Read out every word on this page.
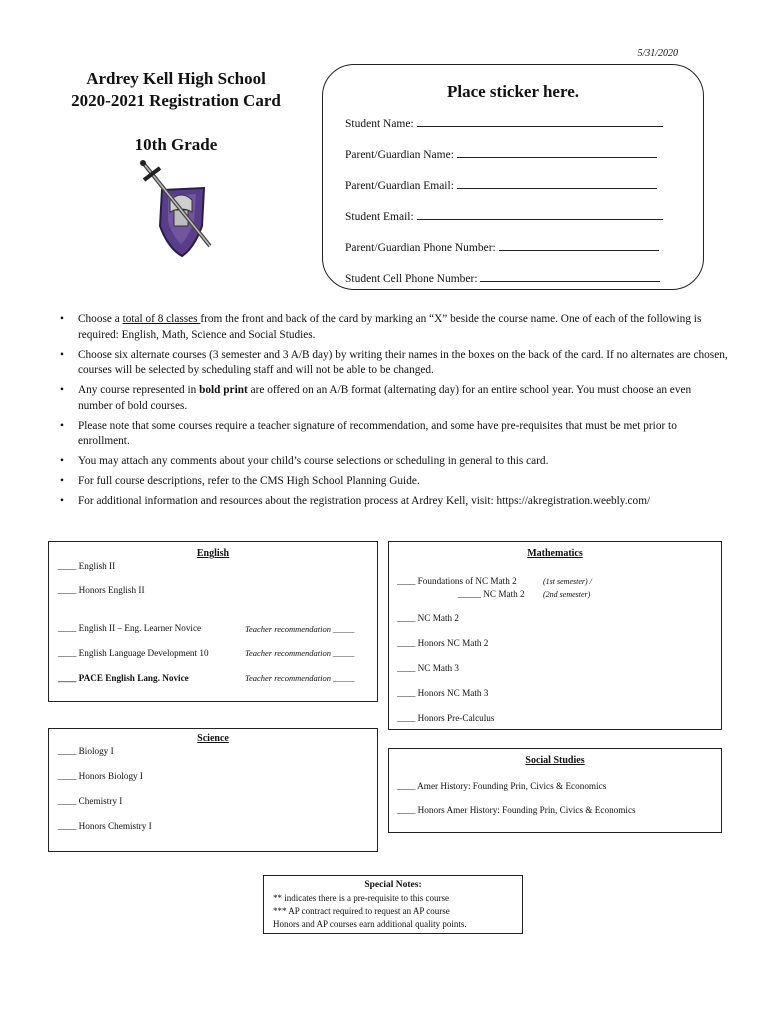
5/31/2020
Ardrey Kell High School
2020-2021 Registration Card
10th Grade
Place sticker here.
Student Name:
Parent/Guardian Name:
Parent/Guardian Email:
Student Email:
Parent/Guardian Phone Number:
Student Cell Phone Number:
• Choose a total of 8 classes from the front and back of the card by marking an “X” beside the course name. One of each of the following is required: English, Math, Science and Social Studies.
• Choose six alternate courses (3 semester and 3 A/B day) by writing their names in the boxes on the back of the card. If no alternates are chosen, courses will be selected by scheduling staff and will not be able to be changed.
• Any course represented in bold print are offered on an A/B format (alternating day) for an entire school year. You must choose an even number of bold courses.
• Please note that some courses require a teacher signature of recommendation, and some have pre-requisites that must be met prior to enrollment.
• You may attach any comments about your child’s course selections or scheduling in general to this card.
• For full course descriptions, refer to the CMS High School Planning Guide.
• For additional information and resources about the registration process at Ardrey Kell, visit: https://akregistration.weebly.com/
English
____ English II
____ Honors English II
____ English II – Eng. Learner Novice	Teacher recommendation _____
____ English Language Development 10	Teacher recommendation _____
____ PACE English Lang. Novice	Teacher recommendation _____
Mathematics
____ Foundations of NC Math 2
_____ NC Math 2
(1st semester) /
(2nd semester)
____ NC Math 2
____ Honors NC Math 2
____ NC Math 3
____ Honors NC Math 3
____ Honors Pre-Calculus
Science
____ Biology I
____ Honors Biology I
____ Chemistry I
____ Honors Chemistry I
Social Studies
____ Amer History: Founding Prin, Civics & Economics
____ Honors Amer History: Founding Prin, Civics & Economics
Special Notes:
** indicates there is a pre-requisite to this course
*** AP contract required to request an AP course
Honors and AP courses earn additional quality points.
